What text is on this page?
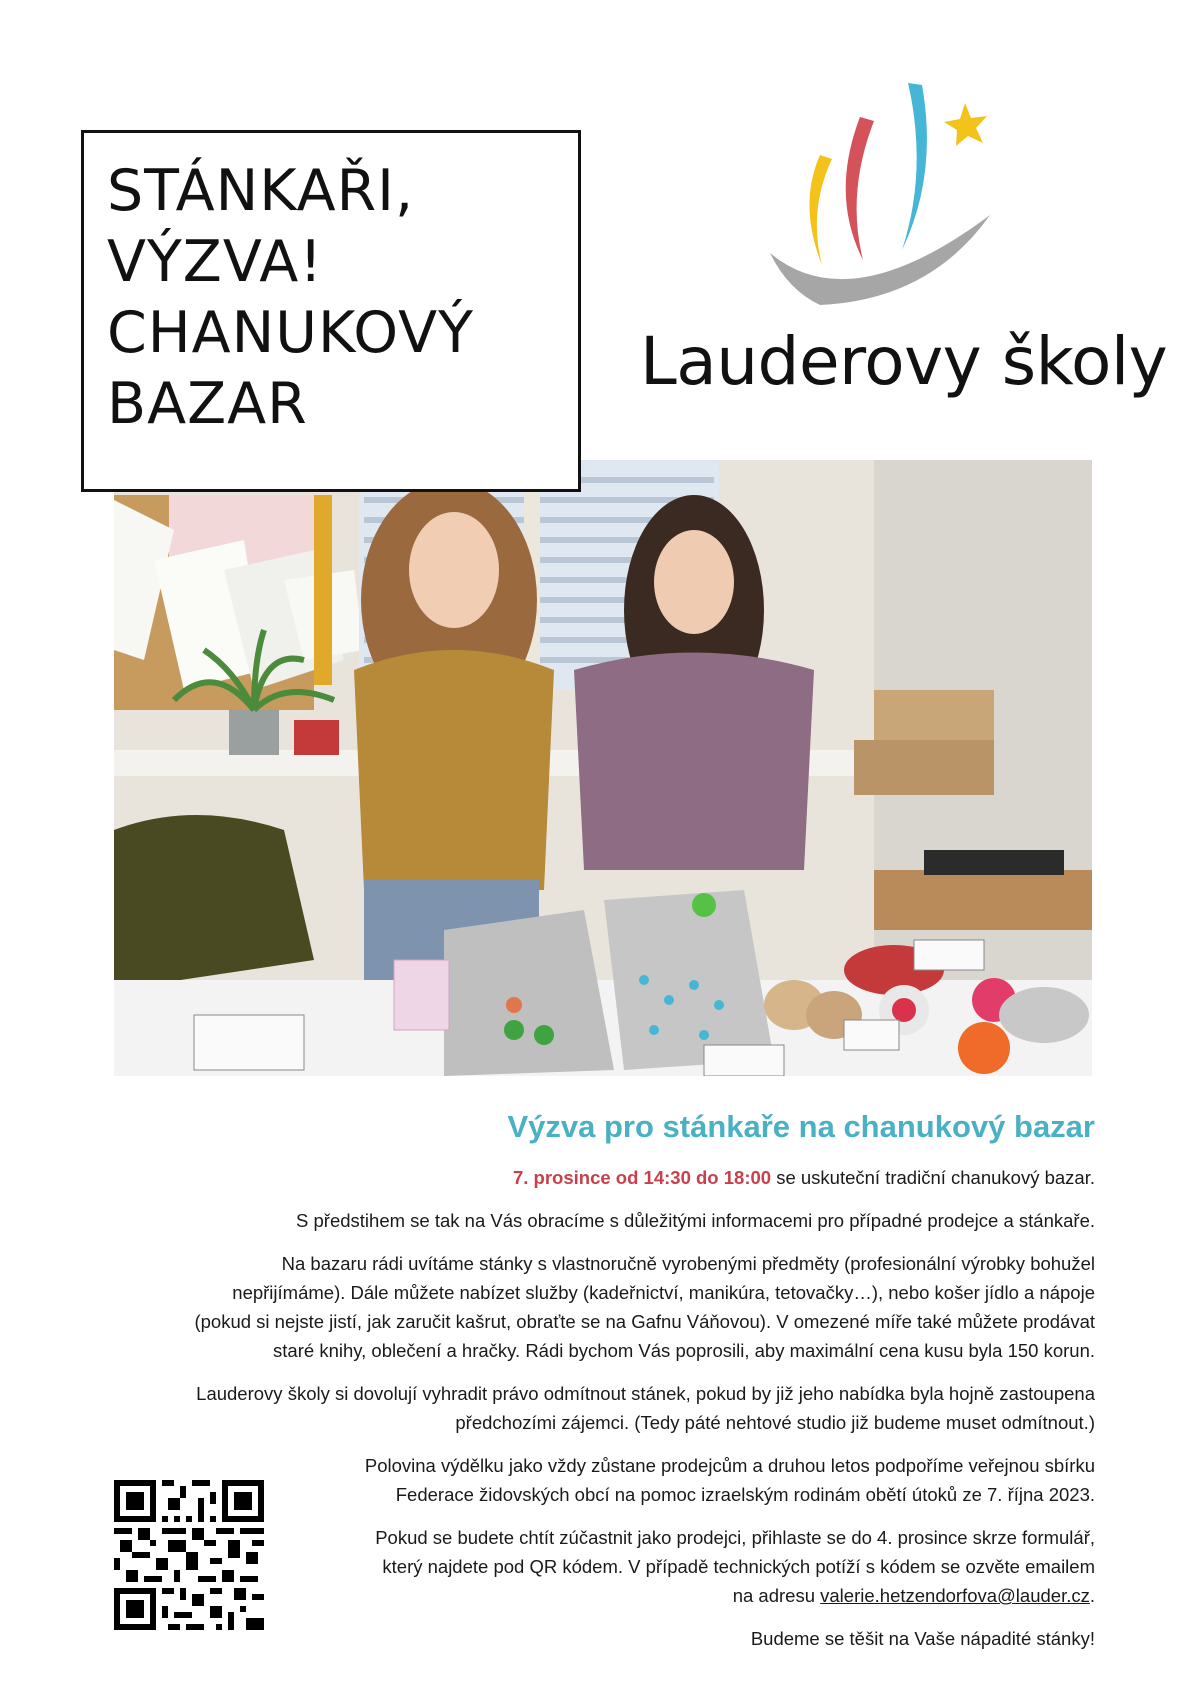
STÁNKAŘI,
VÝZVA!
CHANUKOVÝ
BAZAR
Lauderovy školy
Výzva pro stánkaře na chanukový bazar
7. prosince od 14:30 do 18:00 se uskuteční tradiční chanukový bazar.
S předstihem se tak na Vás obracíme s důležitými informacemi pro případné prodejce a stánkaře.
Na bazaru rádi uvítáme stánky s vlastnoručně vyrobenými předměty (profesionální výrobky bohužel
nepřijímáme). Dále můžete nabízet služby (kadeřnictví, manikúra, tetovačky…), nebo košer jídlo a nápoje
(pokud si nejste jistí, jak zaručit kašrut, obraťte se na Gafnu Váňovou). V omezené míře také můžete prodávat
staré knihy, oblečení a hračky. Rádi bychom Vás poprosili, aby maximální cena kusu byla 150 korun.
Lauderovy školy si dovolují vyhradit právo odmítnout stánek, pokud by již jeho nabídka byla hojně zastoupena
předchozími zájemci. (Tedy páté nehtové studio již budeme muset odmítnout.)
Polovina výdělku jako vždy zůstane prodejcům a druhou letos podpoříme veřejnou sbírku
Federace židovských obcí na pomoc izraelským rodinám obětí útoků ze 7. října 2023.
Pokud se budete chtít zúčastnit jako prodejci, přihlaste se do 4. prosince skrze formulář,
který najdete pod QR kódem. V případě technických potíží s kódem se ozvěte emailem
na adresu valerie.hetzendorfova@lauder.cz.
Budeme se těšit na Vaše nápadité stánky!
